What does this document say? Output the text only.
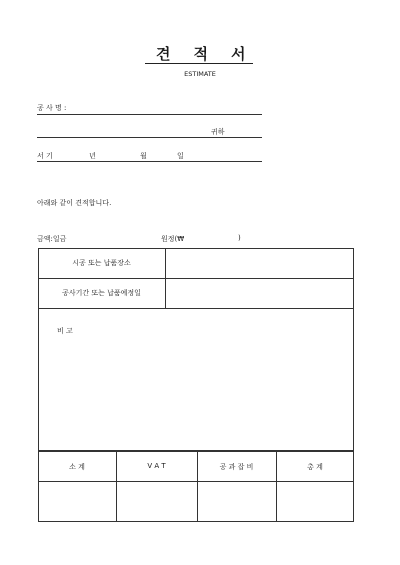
견 적 서
ESTIMATE
공 사 명 :
귀하
서 기	년	월	일
아래와 같이 견적합니다.
금액:일금	원정(₩	)
시공 또는 납품장소
공사기간 또는 납품예정일
비 고
소 계	V A T	공 과 잡 비	총 계
